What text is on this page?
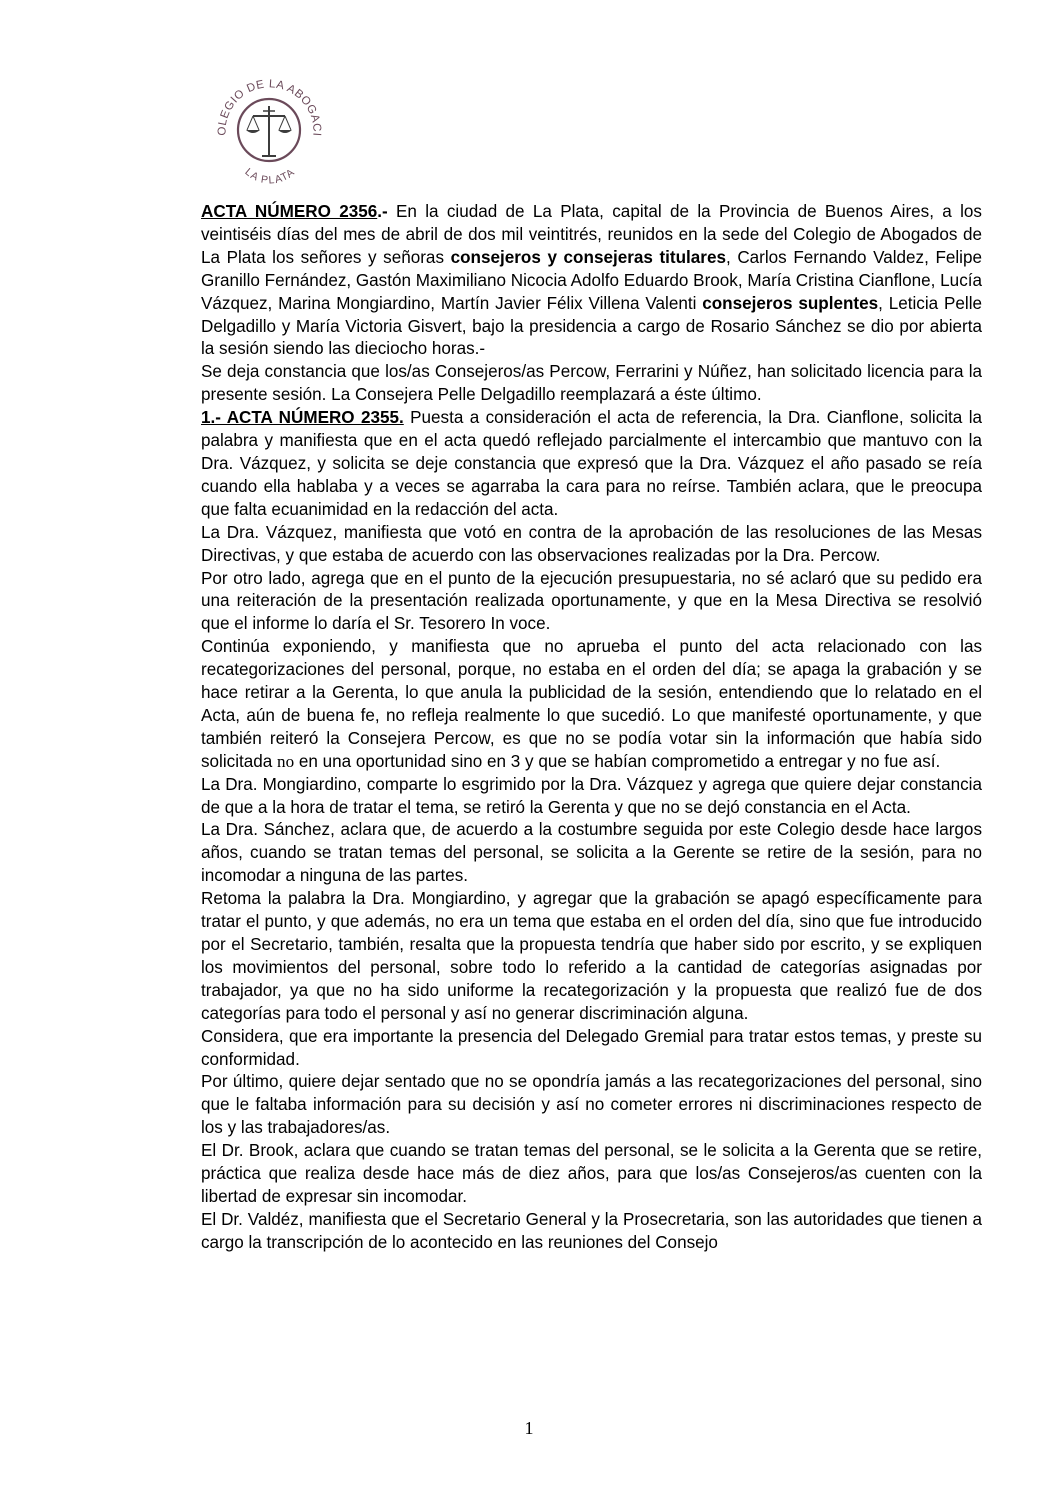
OLEGIO DE LA ABOGACI
LA PLATA

ACTA NÚMERO 2356.- En la ciudad de La Plata, capital de la Provincia de Buenos Aires, a los veintiséis días del mes de abril de dos mil veintitrés, reunidos en la sede del Colegio de Abogados de La Plata los señores y señoras consejeros y consejeras titulares, Carlos Fernando Valdez, Felipe Granillo Fernández, Gastón Maximiliano Nicocia Adolfo Eduardo Brook, María Cristina Cianflone, Lucía Vázquez, Marina Mongiardino, Martín Javier Félix Villena Valenti consejeros suplentes, Leticia Pelle Delgadillo y María Victoria Gisvert, bajo la presidencia a cargo de Rosario Sánchez se dio por abierta la sesión siendo las dieciocho horas.-

Se deja constancia que los/as Consejeros/as Percow, Ferrarini y Núñez, han solicitado licencia para la presente sesión. La Consejera Pelle Delgadillo reemplazará a éste último.

1.- ACTA NÚMERO 2355. Puesta a consideración el acta de referencia, la Dra. Cianflone, solicita la palabra y manifiesta que en el acta quedó reflejado parcialmente el intercambio que mantuvo con la Dra. Vázquez, y solicita se deje constancia que expresó que la Dra. Vázquez el año pasado se reía cuando ella hablaba y a veces se agarraba la cara para no reírse. También aclara, que le preocupa que falta ecuanimidad en la redacción del acta.

La Dra. Vázquez, manifiesta que votó en contra de la aprobación de las resoluciones de las Mesas Directivas, y que estaba de acuerdo con las observaciones realizadas por la Dra. Percow.

Por otro lado, agrega que en el punto de la ejecución presupuestaria, no sé aclaró que su pedido era una reiteración de la presentación realizada oportunamente, y que en la Mesa Directiva se resolvió que el informe lo daría el Sr. Tesorero In voce.

Continúa exponiendo, y manifiesta que no aprueba el punto del acta relacionado con las recategorizaciones del personal, porque, no estaba en el orden del día; se apaga la grabación y se hace retirar a la Gerenta, lo que anula la publicidad de la sesión, entendiendo que lo relatado en el Acta, aún de buena fe, no refleja realmente lo que sucedió. Lo que manifesté oportunamente, y que también reiteró la Consejera Percow, es que no se podía votar sin la información que había sido solicitada no en una oportunidad sino en 3 y que se habían comprometido a entregar y no fue así.

La Dra. Mongiardino, comparte lo esgrimido por la Dra. Vázquez y agrega que quiere dejar constancia de que a la hora de tratar el tema, se retiró la Gerenta y que no se dejó constancia en el Acta.

La Dra. Sánchez, aclara que, de acuerdo a la costumbre seguida por este Colegio desde hace largos años, cuando se tratan temas del personal, se solicita a la Gerente se retire de la sesión, para no incomodar a ninguna de las partes.

Retoma la palabra la Dra. Mongiardino, y agregar que la grabación se apagó específicamente para tratar el punto, y que además, no era un tema que estaba en el orden del día, sino que fue introducido por el Secretario, también, resalta que la propuesta tendría que haber sido por escrito, y se expliquen los movimientos del personal, sobre todo lo referido a la cantidad de categorías asignadas por trabajador, ya que no ha sido uniforme la recategorización y la propuesta que realizó fue de dos categorías para todo el personal y así no generar discriminación alguna.

Considera, que era importante la presencia del Delegado Gremial para tratar estos temas, y preste su conformidad.

Por último, quiere dejar sentado que no se opondría jamás a las recategorizaciones del personal, sino que le faltaba información para su decisión y así no cometer errores ni discriminaciones respecto de los y las trabajadores/as.

El Dr. Brook, aclara que cuando se tratan temas del personal, se le solicita a la Gerenta que se retire, práctica que realiza desde hace más de diez años, para que los/as Consejeros/as cuenten con la libertad de expresar sin incomodar.

El Dr. Valdéz, manifiesta que el Secretario General y la Prosecretaria, son las autoridades que tienen a cargo la transcripción de lo acontecido en las reuniones del Consejo

1
